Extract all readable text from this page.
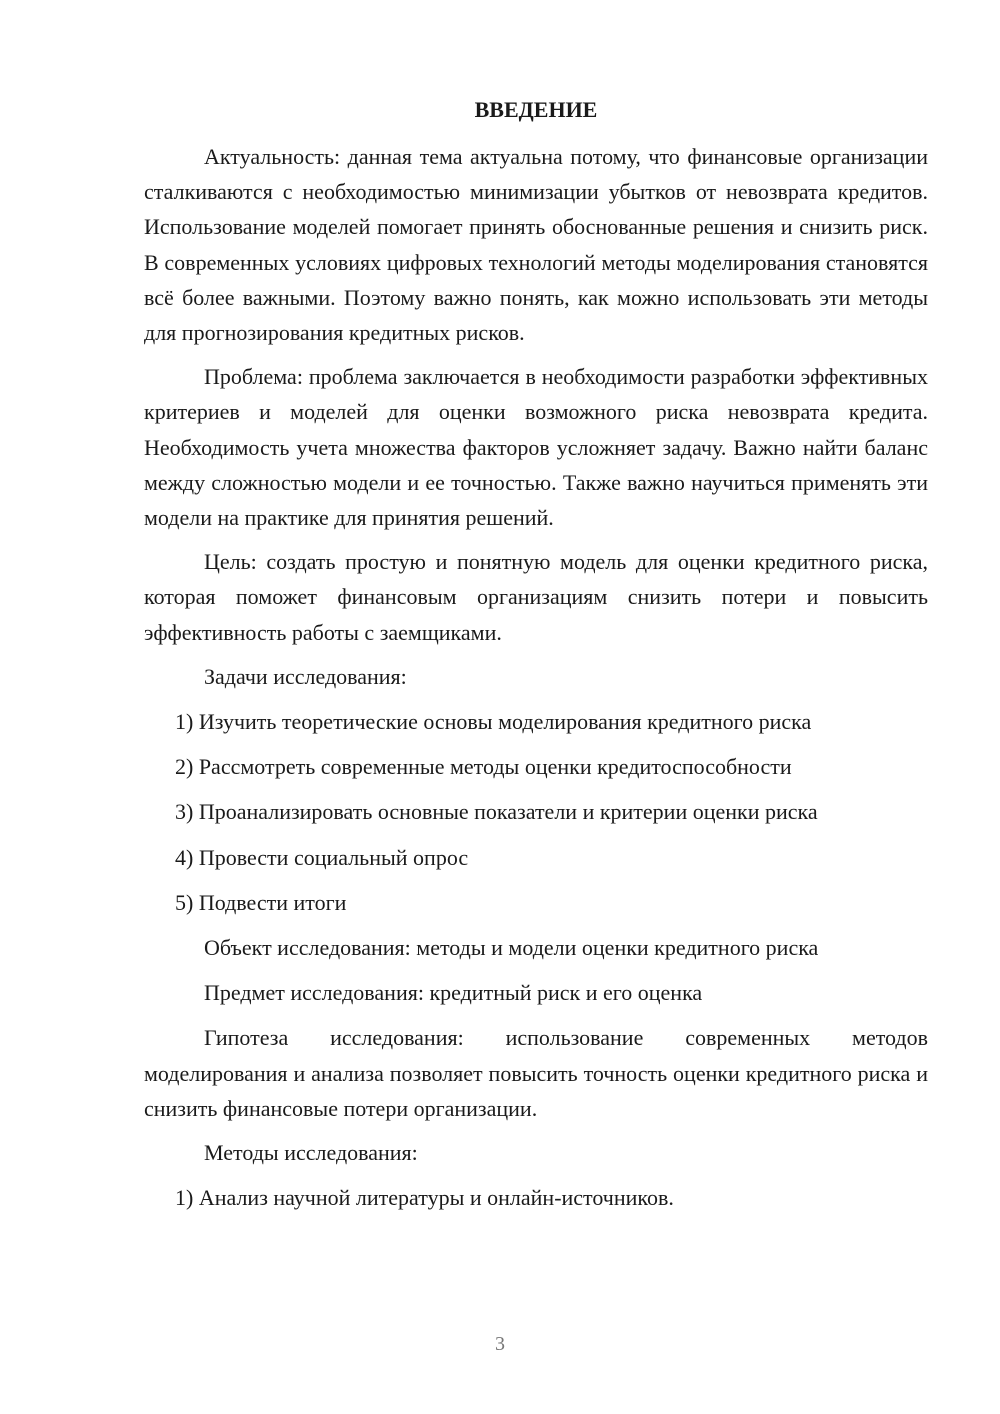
ВВЕДЕНИЕ

Актуальность: данная тема актуальна потому, что финансовые организации сталкиваются с необходимостью минимизации убытков от невозврата кредитов. Использование моделей помогает принять обоснованные решения и снизить риск. В современных условиях цифровых технологий методы моделирования становятся всё более важными. Поэтому важно понять, как можно использовать эти методы для прогнозирования кредитных рисков.

Проблема: проблема заключается в необходимости разработки эффективных критериев и моделей для оценки возможного риска невозврата кредита. Необходимость учета множества факторов усложняет задачу. Важно найти баланс между сложностью модели и ее точностью. Также важно научиться применять эти модели на практике для принятия решений.

Цель: создать простую и понятную модель для оценки кредитного риска, которая поможет финансовым организациям снизить потери и повысить эффективность работы с заемщиками.

Задачи исследования:

1) Изучить теоретические основы моделирования кредитного риска

2) Рассмотреть современные методы оценки кредитоспособности

3) Проанализировать основные показатели и критерии оценки риска

4) Провести социальный опрос

5) Подвести итоги

Объект исследования: методы и модели оценки кредитного риска

Предмет исследования: кредитный риск и его оценка

Гипотеза исследования: использование современных методов моделирования и анализа позволяет повысить точность оценки кредитного риска и снизить финансовые потери организации.

Методы исследования:

1) Анализ научной литературы и онлайн-источников.

3
